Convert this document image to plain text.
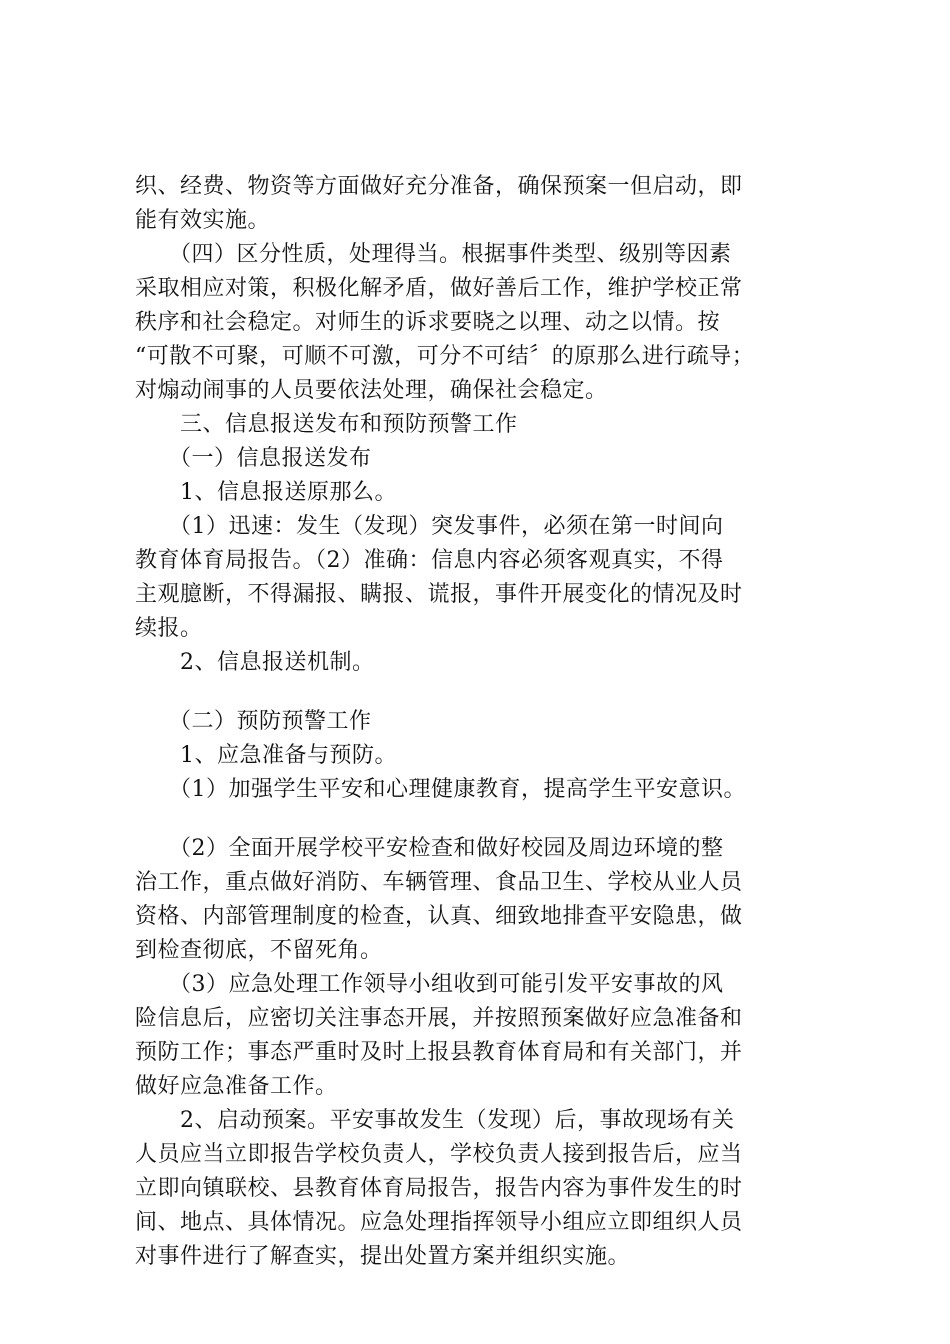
织、经费、物资等方面做好充分准备，确保预案一但启动，即
能有效实施。
　　（四）区分性质，处理得当。根据事件类型、级别等因素
采取相应对策，积极化解矛盾，做好善后工作，维护学校正常
秩序和社会稳定。对师生的诉求要晓之以理、动之以情。按
“可散不可聚，可顺不可激，可分不可结〞的原那么进行疏导；
对煽动闹事的人员要依法处理，确保社会稳定。
　　三、信息报送发布和预防预警工作
　　（一）信息报送发布
　　1、信息报送原那么。
　　（1）迅速：发生（发现）突发事件，必须在第一时间向
教育体育局报告。（2）准确：信息内容必须客观真实，不得
主观臆断，不得漏报、瞒报、谎报，事件开展变化的情况及时
续报。
　　2、信息报送机制。
　　（二）预防预警工作
　　1、应急准备与预防。
　　（1）加强学生平安和心理健康教育，提高学生平安意识。
　　（2）全面开展学校平安检查和做好校园及周边环境的整
治工作，重点做好消防、车辆管理、食品卫生、学校从业人员
资格、内部管理制度的检查，认真、细致地排查平安隐患，做
到检查彻底，不留死角。
　　（3）应急处理工作领导小组收到可能引发平安事故的风
险信息后，应密切关注事态开展，并按照预案做好应急准备和
预防工作；事态严重时及时上报县教育体育局和有关部门，并
做好应急准备工作。
　　2、启动预案。平安事故发生（发现）后，事故现场有关
人员应当立即报告学校负责人，学校负责人接到报告后，应当
立即向镇联校、县教育体育局报告，报告内容为事件发生的时
间、地点、具体情况。应急处理指挥领导小组应立即组织人员
对事件进行了解查实，提出处置方案并组织实施。
